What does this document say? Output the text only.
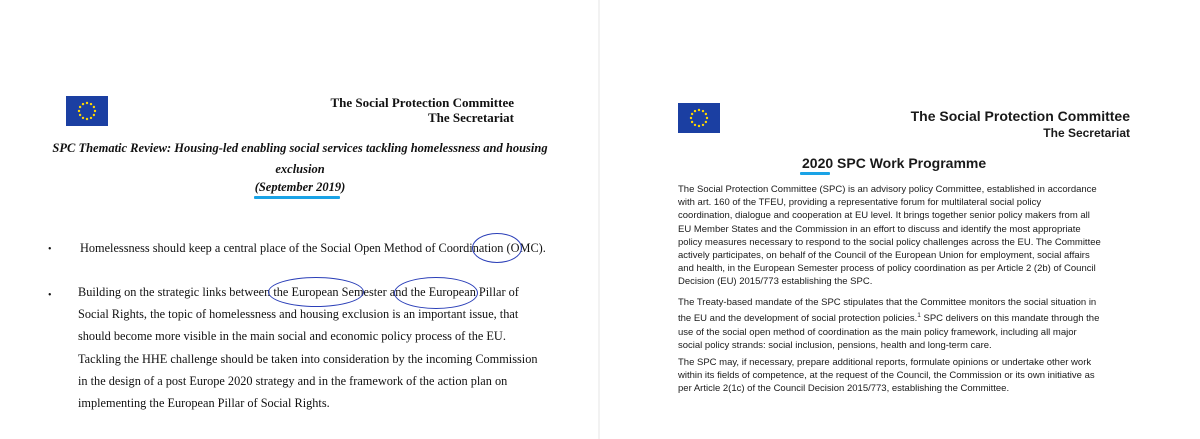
The Social Protection Committee
The Secretariat
SPC Thematic Review: Housing-led enabling social services tackling homelessness and housing
exclusion
(September 2019)
• Homelessness should keep a central place of the Social Open Method of Coordination (OMC).
• Building on the strategic links between the European Semester and the European Pillar of
Social Rights, the topic of homelessness and housing exclusion is an important issue, that
should become more visible in the main social and economic policy process of the EU.
Tackling the HHE challenge should be taken into consideration by the incoming Commission
in the design of a post Europe 2020 strategy and in the framework of the action plan on
implementing the European Pillar of Social Rights.
The Social Protection Committee
The Secretariat
2020 SPC Work Programme
The Social Protection Committee (SPC) is an advisory policy Committee, established in accordance
with art. 160 of the TFEU, providing a representative forum for multilateral social policy
coordination, dialogue and cooperation at EU level. It brings together senior policy makers from all
EU Member States and the Commission in an effort to discuss and identify the most appropriate
policy measures necessary to respond to the social policy challenges across the EU. The Committee
actively participates, on behalf of the Council of the European Union for employment, social affairs
and health, in the European Semester process of policy coordination as per Article 2 (2b) of Council
Decision (EU) 2015/773 establishing the SPC.
The Treaty-based mandate of the SPC stipulates that the Committee monitors the social situation in
the EU and the development of social protection policies.$^1$ SPC delivers on this mandate through the
use of the social open method of coordination as the main policy framework, including all major
social policy strands: social inclusion, pensions, health and long-term care.
The SPC may, if necessary, prepare additional reports, formulate opinions or undertake other work
within its fields of competence, at the request of the Council, the Commission or its own initiative as
per Article 2(1c) of the Council Decision 2015/773, establishing the Committee.
